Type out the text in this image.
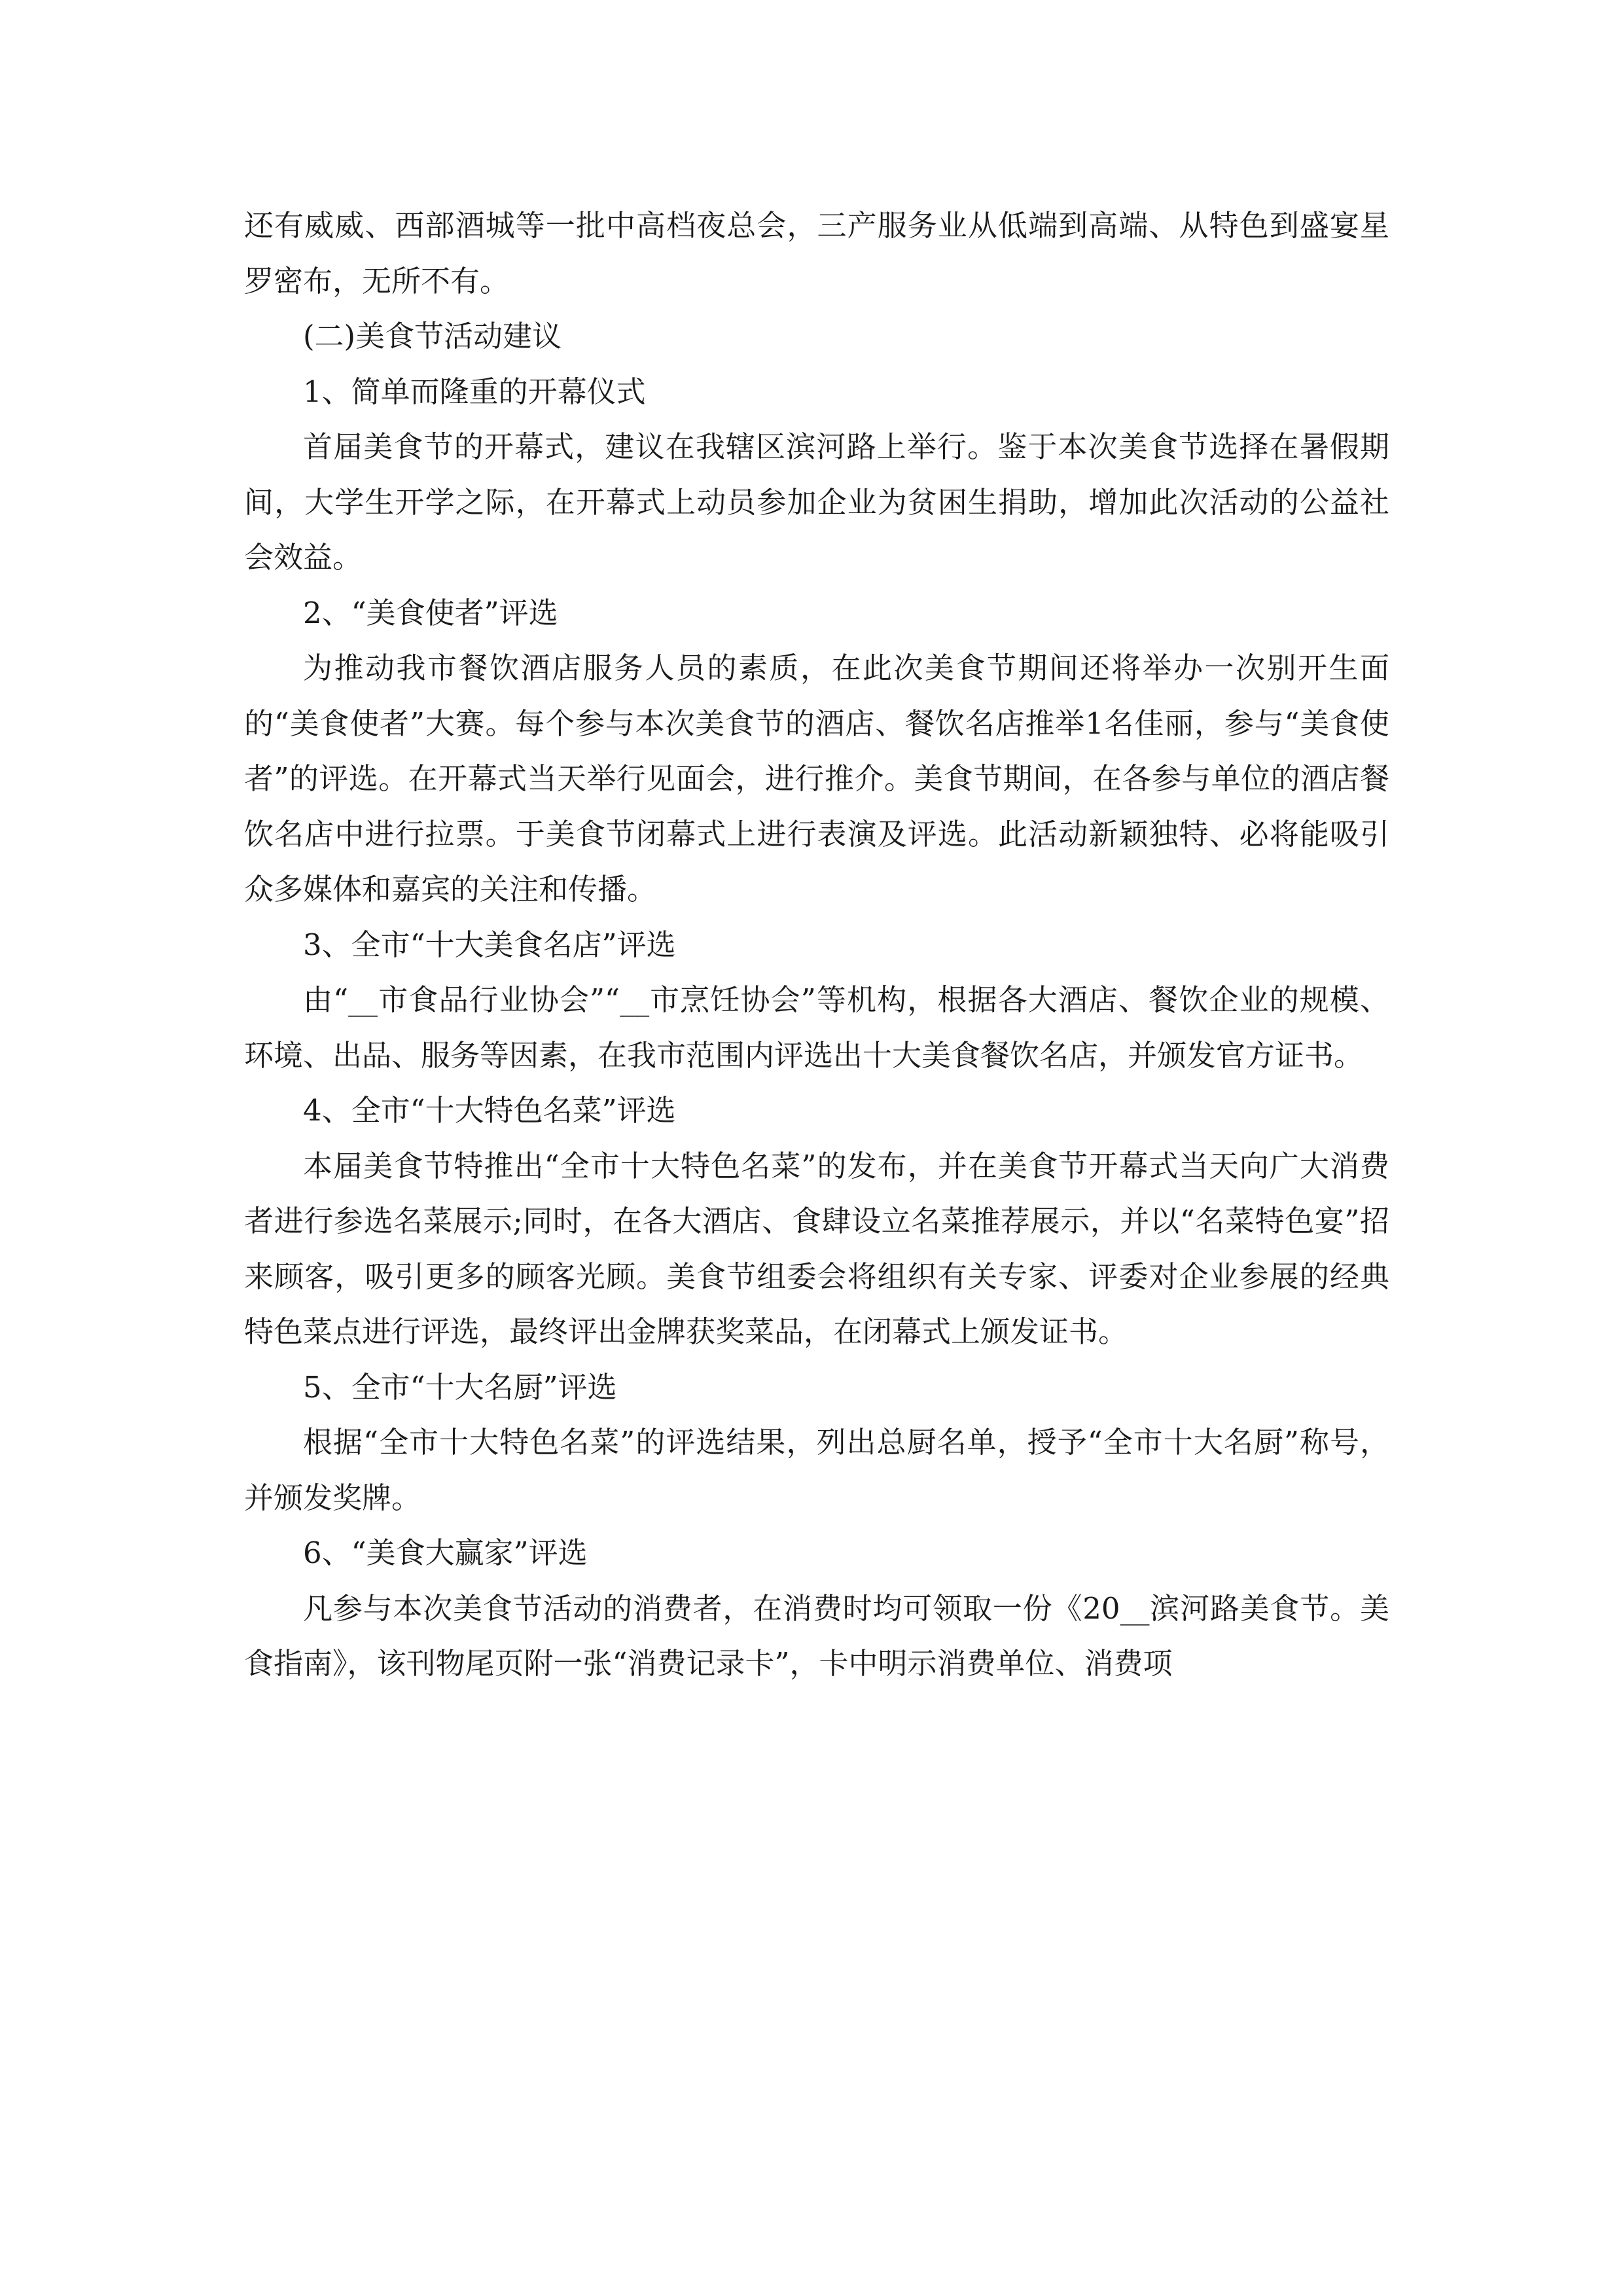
还有威威、西部酒城等一批中高档夜总会，三产服务业从低端到高端、从特色到盛宴星罗密布，无所不有。

(二)美食节活动建议

1、简单而隆重的开幕仪式

首届美食节的开幕式，建议在我辖区滨河路上举行。鉴于本次美食节选择在暑假期间，大学生开学之际，在开幕式上动员参加企业为贫困生捐助，增加此次活动的公益社会效益。

2、“美食使者”评选

为推动我市餐饮酒店服务人员的素质，在此次美食节期间还将举办一次别开生面的“美食使者”大赛。每个参与本次美食节的酒店、餐饮名店推举1名佳丽，参与“美食使者”的评选。在开幕式当天举行见面会，进行推介。美食节期间，在各参与单位的酒店餐饮名店中进行拉票。于美食节闭幕式上进行表演及评选。此活动新颖独特、必将能吸引众多媒体和嘉宾的关注和传播。

3、全市“十大美食名店”评选

由“__市食品行业协会”“__市烹饪协会”等机构，根据各大酒店、餐饮企业的规模、环境、出品、服务等因素，在我市范围内评选出十大美食餐饮名店，并颁发官方证书。

4、全市“十大特色名菜”评选

本届美食节特推出“全市十大特色名菜”的发布，并在美食节开幕式当天向广大消费者进行参选名菜展示;同时，在各大酒店、食肆设立名菜推荐展示，并以“名菜特色宴”招来顾客，吸引更多的顾客光顾。美食节组委会将组织有关专家、评委对企业参展的经典特色菜点进行评选，最终评出金牌获奖菜品，在闭幕式上颁发证书。

5、全市“十大名厨”评选

根据“全市十大特色名菜”的评选结果，列出总厨名单，授予“全市十大名厨”称号，并颁发奖牌。

6、“美食大赢家”评选

凡参与本次美食节活动的消费者，在消费时均可领取一份《20__滨河路美食节。美食指南》，该刊物尾页附一张“消费记录卡”，卡中明示消费单位、消费项
